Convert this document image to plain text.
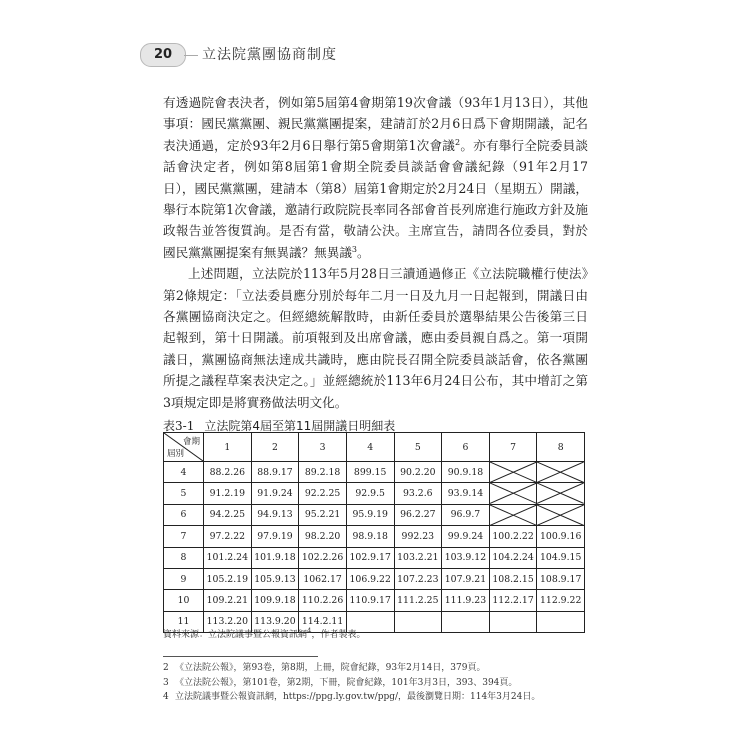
20	立法院黨團協商制度

有透過院會表決者，例如第5屆第4會期第19次會議（93年1月13日），其他事項：國民黨黨團、親民黨黨團提案，建請訂於2月6日爲下會期開議，記名表決通過，定於93年2月6日舉行第5會期第1次會議$^2$。亦有舉行全院委員談話會決定者，例如第8屆第1會期全院委員談話會會議紀錄（91年2月17日），國民黨黨團，建請本（第8）屆第1會期定於2月24日（星期五）開議，舉行本院第1次會議，邀請行政院院長率同各部會首長列席進行施政方針及施政報告並答復質詢。是否有當，敬請公決。主席宣告，請問各位委員，對於國民黨黨團提案有無異議？無異議$^3$。

上述問題，立法院於113年5月28日三讀通過修正《立法院職權行使法》第2條規定：「立法委員應分別於每年二月一日及九月一日起報到，開議日由各黨團協商決定之。但經總統解散時，由新任委員於選舉結果公告後第三日起報到，第十日開議。前項報到及出席會議，應由委員親自爲之。第一項開議日，黨團協商無法達成共識時，應由院長召開全院委員談話會，依各黨團所提之議程草案表決定之。」並經總統於113年6月24日公布，其中增訂之第3項規定即是將實務做法明文化。

表3-1 立法院第4屆至第11屆開議日明細表
會期
屆別	1	2	3	4	5	6	7	8
4	88.2.26	88.9.17	89.2.18	899.15	90.2.20	90.9.18	

5	91.2.19	91.9.24	92.2.25	92.9.5	93.2.6	93.9.14	

6	94.2.25	94.9.13	95.2.21	95.9.19	96.2.27	96.9.7	

7	97.2.22	97.9.19	98.2.20	98.9.18	992.23	99.9.24	100.2.22	100.9.16
8	101.2.24	101.9.18	102.2.26	102.9.17	103.2.21	103.9.12	104.2.24	104.9.15
9	105.2.19	105.9.13	1062.17	106.9.22	107.2.23	107.9.21	108.2.15	108.9.17
10	109.2.21	109.9.18	110.2.26	110.9.17	111.2.25	111.9.23	112.2.17	112.9.22
11	113.2.20	113.9.20	114.2.11					
資料來源：立法院議事暨公報資訊網$^4$，作者製表。
2 《立法院公報》，第93卷，第8期，上冊，院會紀錄，93年2月14日，379頁。
3 《立法院公報》，第101卷，第2期，下冊，院會紀錄，101年3月3日，393、394頁。
4 立法院議事暨公報資訊網，https://ppg.ly.gov.tw/ppg/，最後瀏覽日期：114年3月24日。
